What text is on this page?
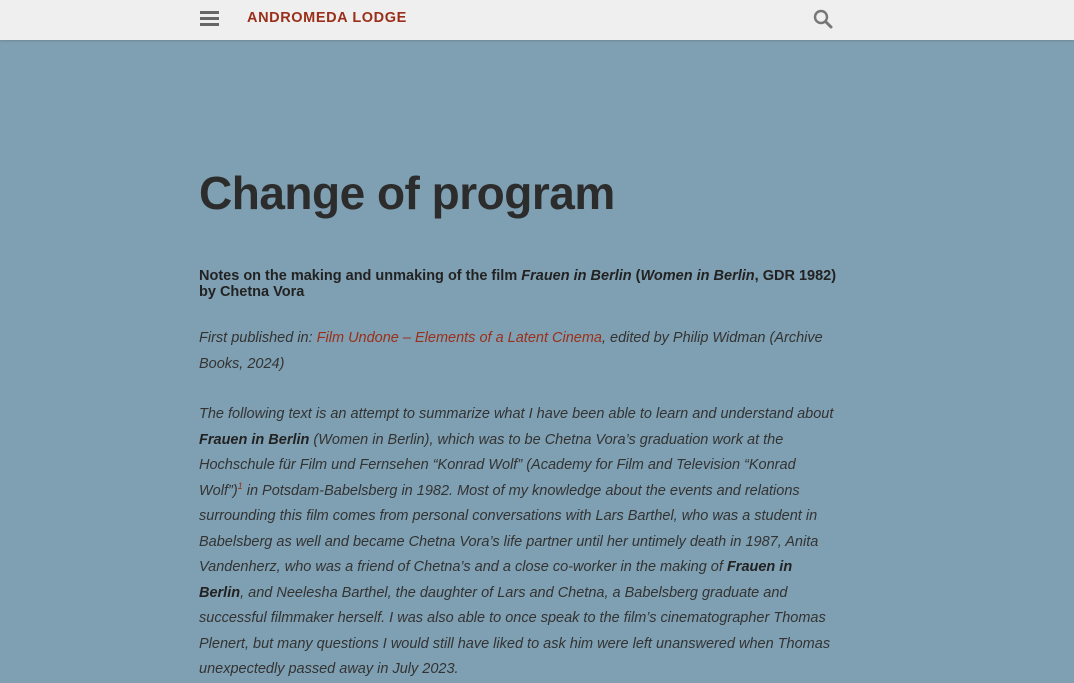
ANDROMEDA LODGE
Change of program

Notes on the making and unmaking of the film Frauen in Berlin (Women in Berlin, GDR 1982) by Chetna Vora

First published in: Film Undone – Elements of a Latent Cinema, edited by Philip Widman (Archive Books, 2024)

The following text is an attempt to summarize what I have been able to learn and understand about Frauen in Berlin (Women in Berlin), which was to be Chetna Vora’s graduation work at the Hochschule für Film und Fernsehen “Konrad Wolf” (Academy for Film and Television “Konrad Wolf”)$^1$ in Potsdam-Babelsberg in 1982. Most of my knowledge about the events and relations surrounding this film comes from personal conversations with Lars Barthel, who was a student in Babelsberg as well and became Chetna Vora’s life partner until her untimely death in 1987, Anita Vandenherz, who was a friend of Chetna’s and a close co-worker in the making of Frauen in Berlin, and Neelesha Barthel, the daughter of Lars and Chetna, a Babelsberg graduate and successful filmmaker herself. I was also able to once speak to the film’s cinematographer Thomas Plenert, but many questions I would still have liked to ask him were left unanswered when Thomas unexpectedly passed away in July 2023.
